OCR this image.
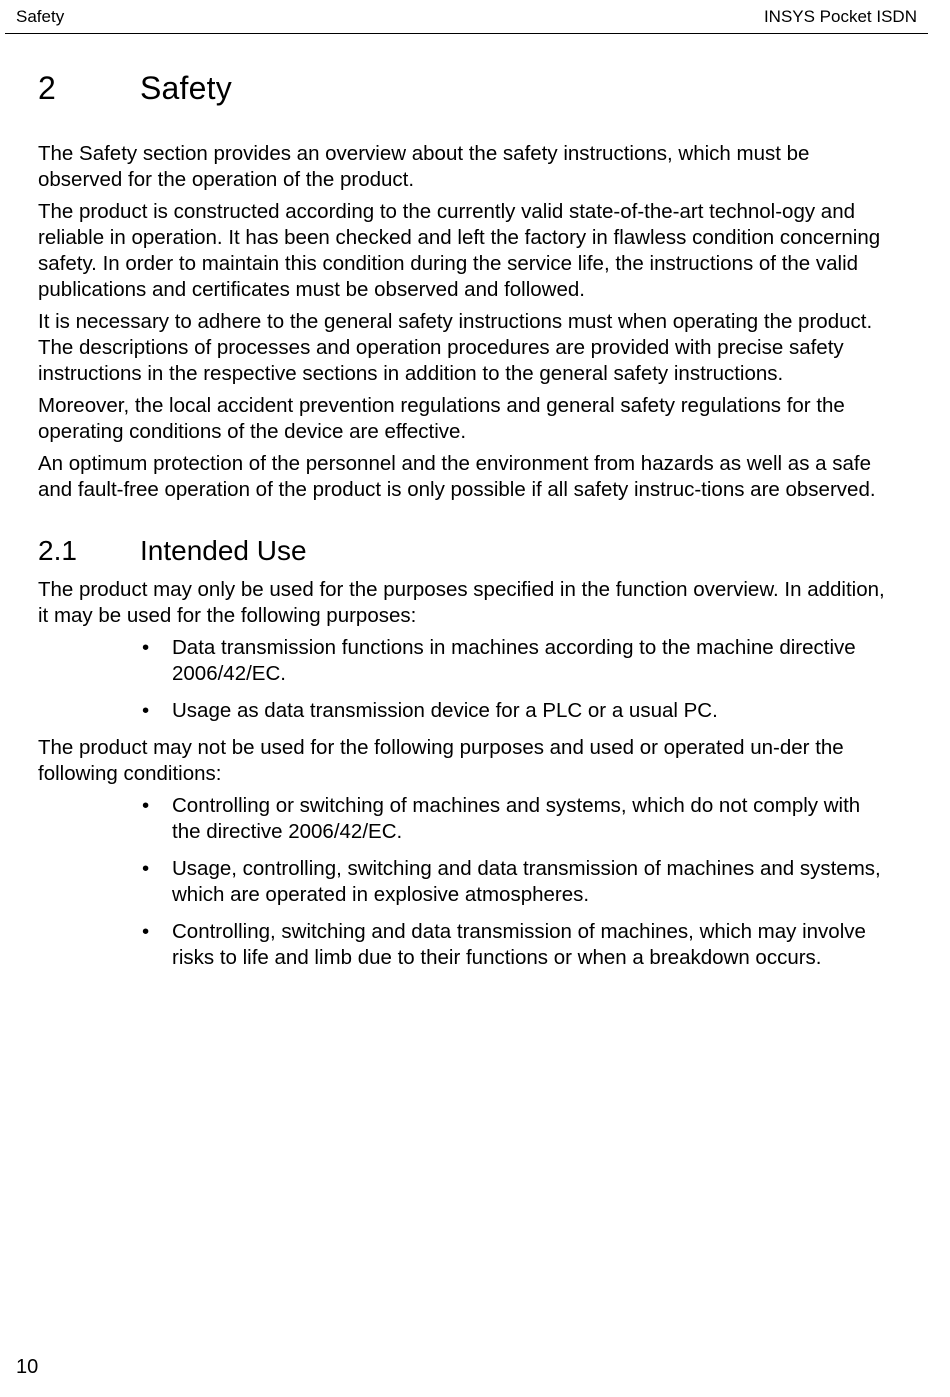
Safety	INSYS Pocket ISDN
2	Safety

The Safety section provides an overview about the safety instructions, which must be observed for the operation of the product.

The product is constructed according to the currently valid state-of-the-art technol-ogy and reliable in operation. It has been checked and left the factory in flawless condition concerning safety. In order to maintain this condition during the service life, the instructions of the valid publications and certificates must be observed and followed.

It is necessary to adhere to the general safety instructions must when operating the product. The descriptions of processes and operation procedures are provided with precise safety instructions in the respective sections in addition to the general safety instructions.

Moreover, the local accident prevention regulations and general safety regulations for the operating conditions of the device are effective.

An optimum protection of the personnel and the environment from hazards as well as a safe and fault-free operation of the product is only possible if all safety instruc-tions are observed.

2.1	Intended Use

The product may only be used for the purposes specified in the function overview. In addition, it may be used for the following purposes:

• Data transmission functions in machines according to the machine directive 2006/42/EC.
• Usage as data transmission device for a PLC or a usual PC.

The product may not be used for the following purposes and used or operated un-der the following conditions:

• Controlling or switching of machines and systems, which do not comply with the directive 2006/42/EC.
• Usage, controlling, switching and data transmission of machines and systems, which are operated in explosive atmospheres.
• Controlling, switching and data transmission of machines, which may involve risks to life and limb due to their functions or when a breakdown occurs.
10
